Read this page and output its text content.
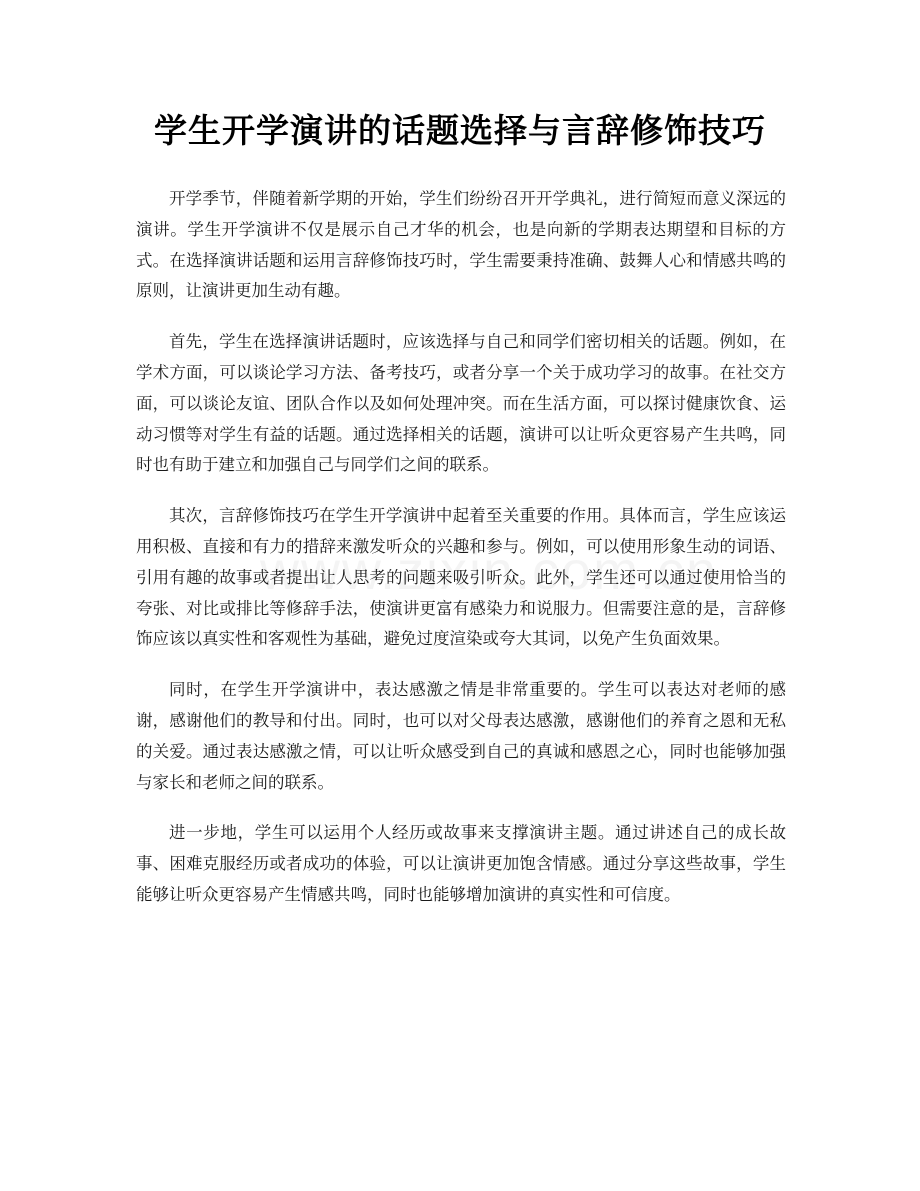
学生开学演讲的话题选择与言辞修饰技巧

开学季节，伴随着新学期的开始，学生们纷纷召开开学典礼，进行简短而意义深远的演讲。学生开学演讲不仅是展示自己才华的机会，也是向新的学期表达期望和目标的方式。在选择演讲话题和运用言辞修饰技巧时，学生需要秉持准确、鼓舞人心和情感共鸣的原则，让演讲更加生动有趣。

首先，学生在选择演讲话题时，应该选择与自己和同学们密切相关的话题。例如，在学术方面，可以谈论学习方法、备考技巧，或者分享一个关于成功学习的故事。在社交方面，可以谈论友谊、团队合作以及如何处理冲突。而在生活方面，可以探讨健康饮食、运动习惯等对学生有益的话题。通过选择相关的话题，演讲可以让听众更容易产生共鸣，同时也有助于建立和加强自己与同学们之间的联系。

其次，言辞修饰技巧在学生开学演讲中起着至关重要的作用。具体而言，学生应该运用积极、直接和有力的措辞来激发听众的兴趣和参与。例如，可以使用形象生动的词语、引用有趣的故事或者提出让人思考的问题来吸引听众。此外，学生还可以通过使用恰当的夸张、对比或排比等修辞手法，使演讲更富有感染力和说服力。但需要注意的是，言辞修饰应该以真实性和客观性为基础，避免过度渲染或夸大其词，以免产生负面效果。

同时，在学生开学演讲中，表达感激之情是非常重要的。学生可以表达对老师的感谢，感谢他们的教导和付出。同时，也可以对父母表达感激，感谢他们的养育之恩和无私的关爱。通过表达感激之情，可以让听众感受到自己的真诚和感恩之心，同时也能够加强与家长和老师之间的联系。

进一步地，学生可以运用个人经历或故事来支撑演讲主题。通过讲述自己的成长故事、困难克服经历或者成功的体验，可以让演讲更加饱含情感。通过分享这些故事，学生能够让听众更容易产生情感共鸣，同时也能够增加演讲的真实性和可信度。
